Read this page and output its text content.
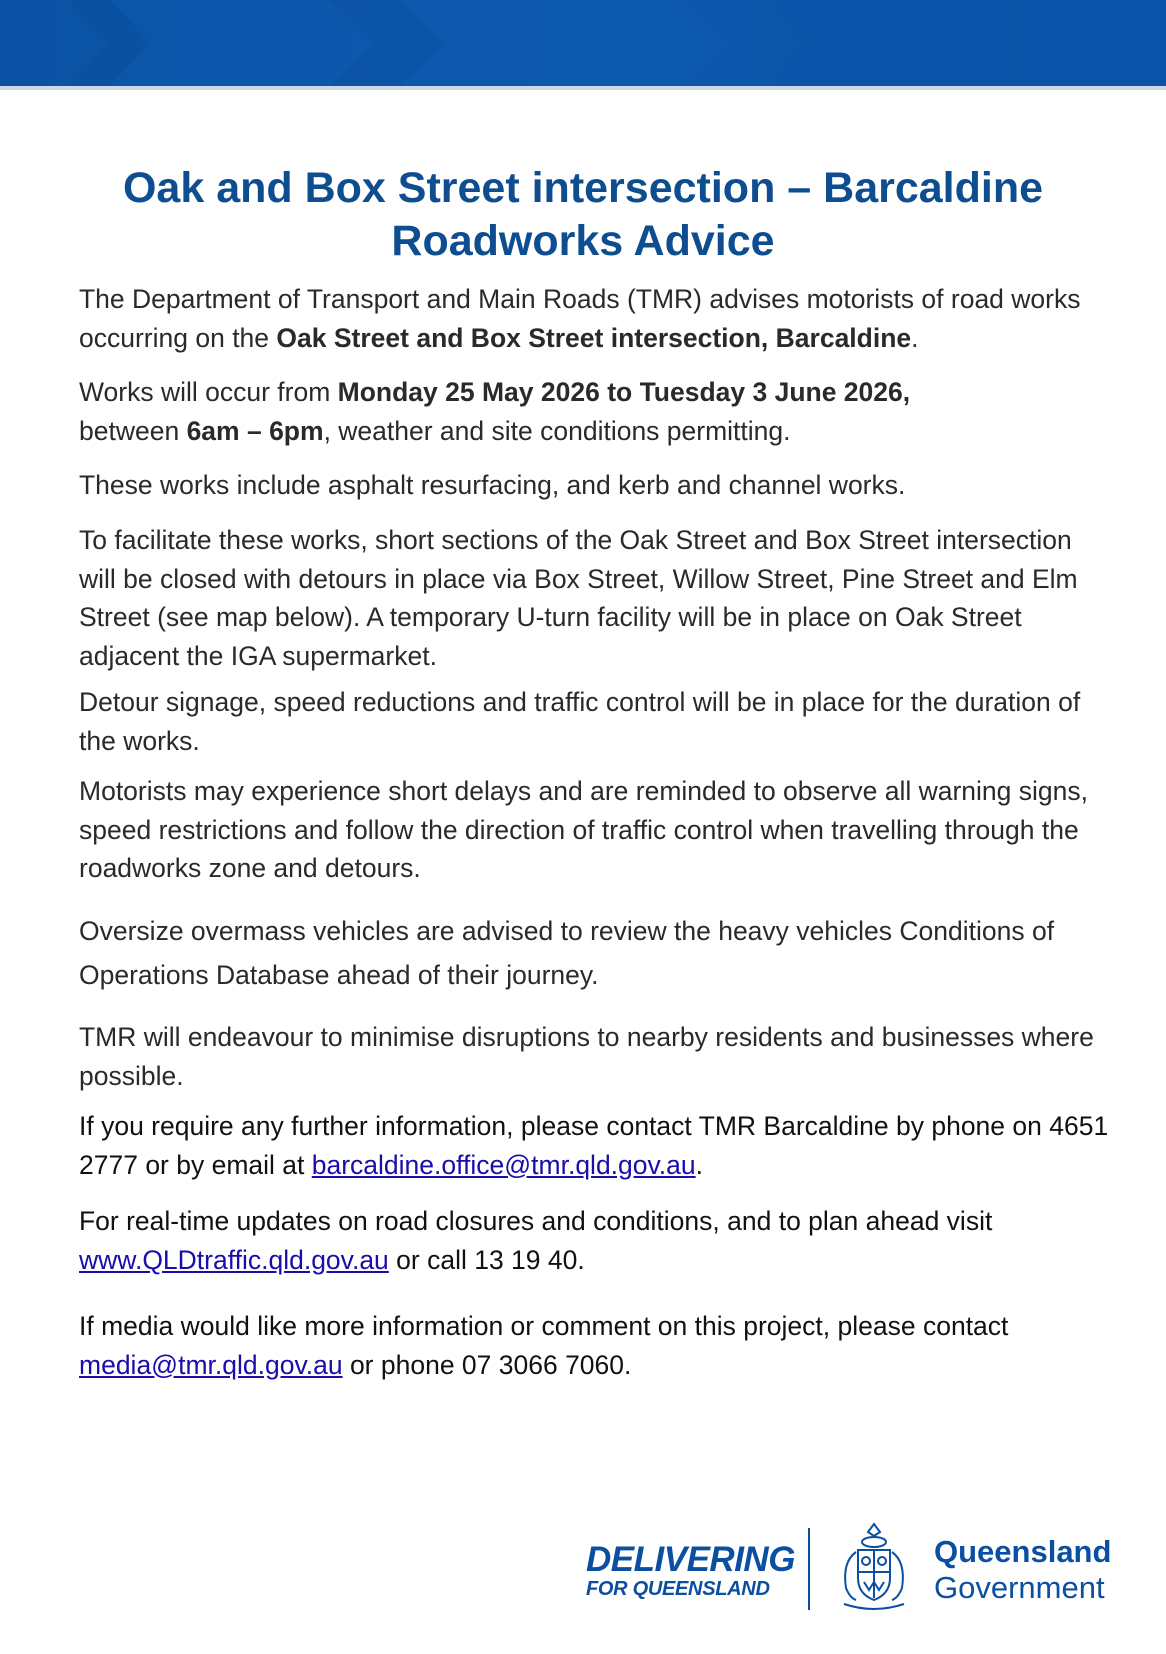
Oak and Box Street intersection – Barcaldine
Roadworks Advice

The Department of Transport and Main Roads (TMR) advises motorists of road works occurring on the Oak Street and Box Street intersection, Barcaldine.

Works will occur from Monday 25 May 2026 to Tuesday 3 June 2026,
between 6am – 6pm, weather and site conditions permitting.

These works include asphalt resurfacing, and kerb and channel works.

To facilitate these works, short sections of the Oak Street and Box Street intersection will be closed with detours in place via Box Street, Willow Street, Pine Street and Elm Street (see map below). A temporary U-turn facility will be in place on Oak Street adjacent the IGA supermarket.

Detour signage, speed reductions and traffic control will be in place for the duration of the works.

Motorists may experience short delays and are reminded to observe all warning signs, speed restrictions and follow the direction of traffic control when travelling through the roadworks zone and detours.

Oversize overmass vehicles are advised to review the heavy vehicles Conditions of Operations Database ahead of their journey.

TMR will endeavour to minimise disruptions to nearby residents and businesses where possible.

If you require any further information, please contact TMR Barcaldine by phone on 4651 2777 or by email at barcaldine.office@tmr.qld.gov.au.

For real-time updates on road closures and conditions, and to plan ahead visit www.QLDtraffic.qld.gov.au or call 13 19 40.

If media would like more information or comment on this project, please contact media@tmr.qld.gov.au or phone 07 3066 7060.

DELIVERING
FOR QUEENSLAND
Queensland
Government
